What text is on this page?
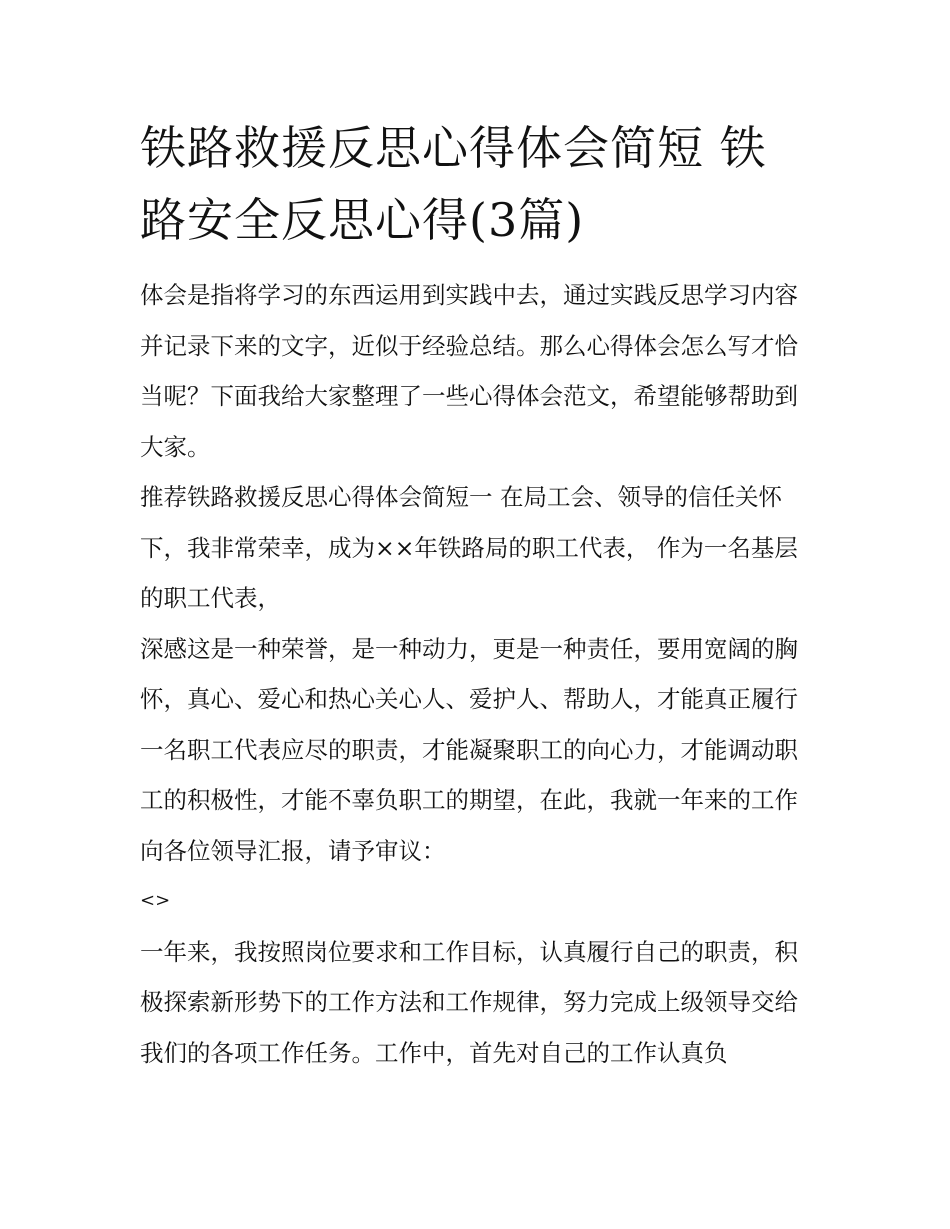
铁路救援反思心得体会简短 铁路安全反思心得(3篇)

体会是指将学习的东西运用到实践中去，通过实践反思学习内容并记录下来的文字，近似于经验总结。那么心得体会怎么写才恰当呢？下面我给大家整理了一些心得体会范文，希望能够帮助到大家。

推荐铁路救援反思心得体会简短一 在局工会、领导的信任关怀下，我非常荣幸，成为××年铁路局的职工代表， 作为一名基层的职工代表，

深感这是一种荣誉，是一种动力，更是一种责任，要用宽阔的胸怀，真心、爱心和热心关心人、爱护人、帮助人，才能真正履行一名职工代表应尽的职责，才能凝聚职工的向心力，才能调动职工的积极性，才能不辜负职工的期望，在此，我就一年来的工作向各位领导汇报，请予审议：

<>

一年来，我按照岗位要求和工作目标，认真履行自己的职责，积极探索新形势下的工作方法和工作规律，努力完成上级领导交给我们的各项工作任务。工作中，首先对自己的工作认真负
